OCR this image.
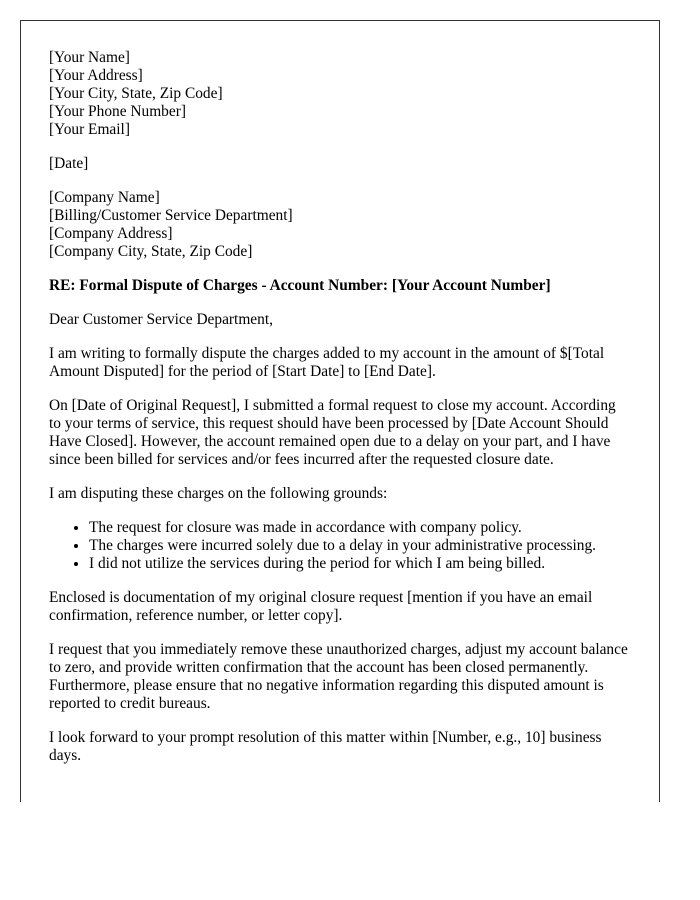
[Your Name]
[Your Address]
[Your City, State, Zip Code]
[Your Phone Number]
[Your Email]

[Date]

[Company Name]
[Billing/Customer Service Department]
[Company Address]
[Company City, State, Zip Code]

RE: Formal Dispute of Charges - Account Number: [Your Account Number]

Dear Customer Service Department,

I am writing to formally dispute the charges added to my account in the amount of $[Total Amount Disputed] for the period of [Start Date] to [End Date].

On [Date of Original Request], I submitted a formal request to close my account. According to your terms of service, this request should have been processed by [Date Account Should Have Closed]. However, the account remained open due to a delay on your part, and I have since been billed for services and/or fees incurred after the requested closure date.

I am disputing these charges on the following grounds:

• The request for closure was made in accordance with company policy.
• The charges were incurred solely due to a delay in your administrative processing.
• I did not utilize the services during the period for which I am being billed.

Enclosed is documentation of my original closure request [mention if you have an email confirmation, reference number, or letter copy].

I request that you immediately remove these unauthorized charges, adjust my account balance to zero, and provide written confirmation that the account has been closed permanently. Furthermore, please ensure that no negative information regarding this disputed amount is reported to credit bureaus.

I look forward to your prompt resolution of this matter within [Number, e.g., 10] business days.
